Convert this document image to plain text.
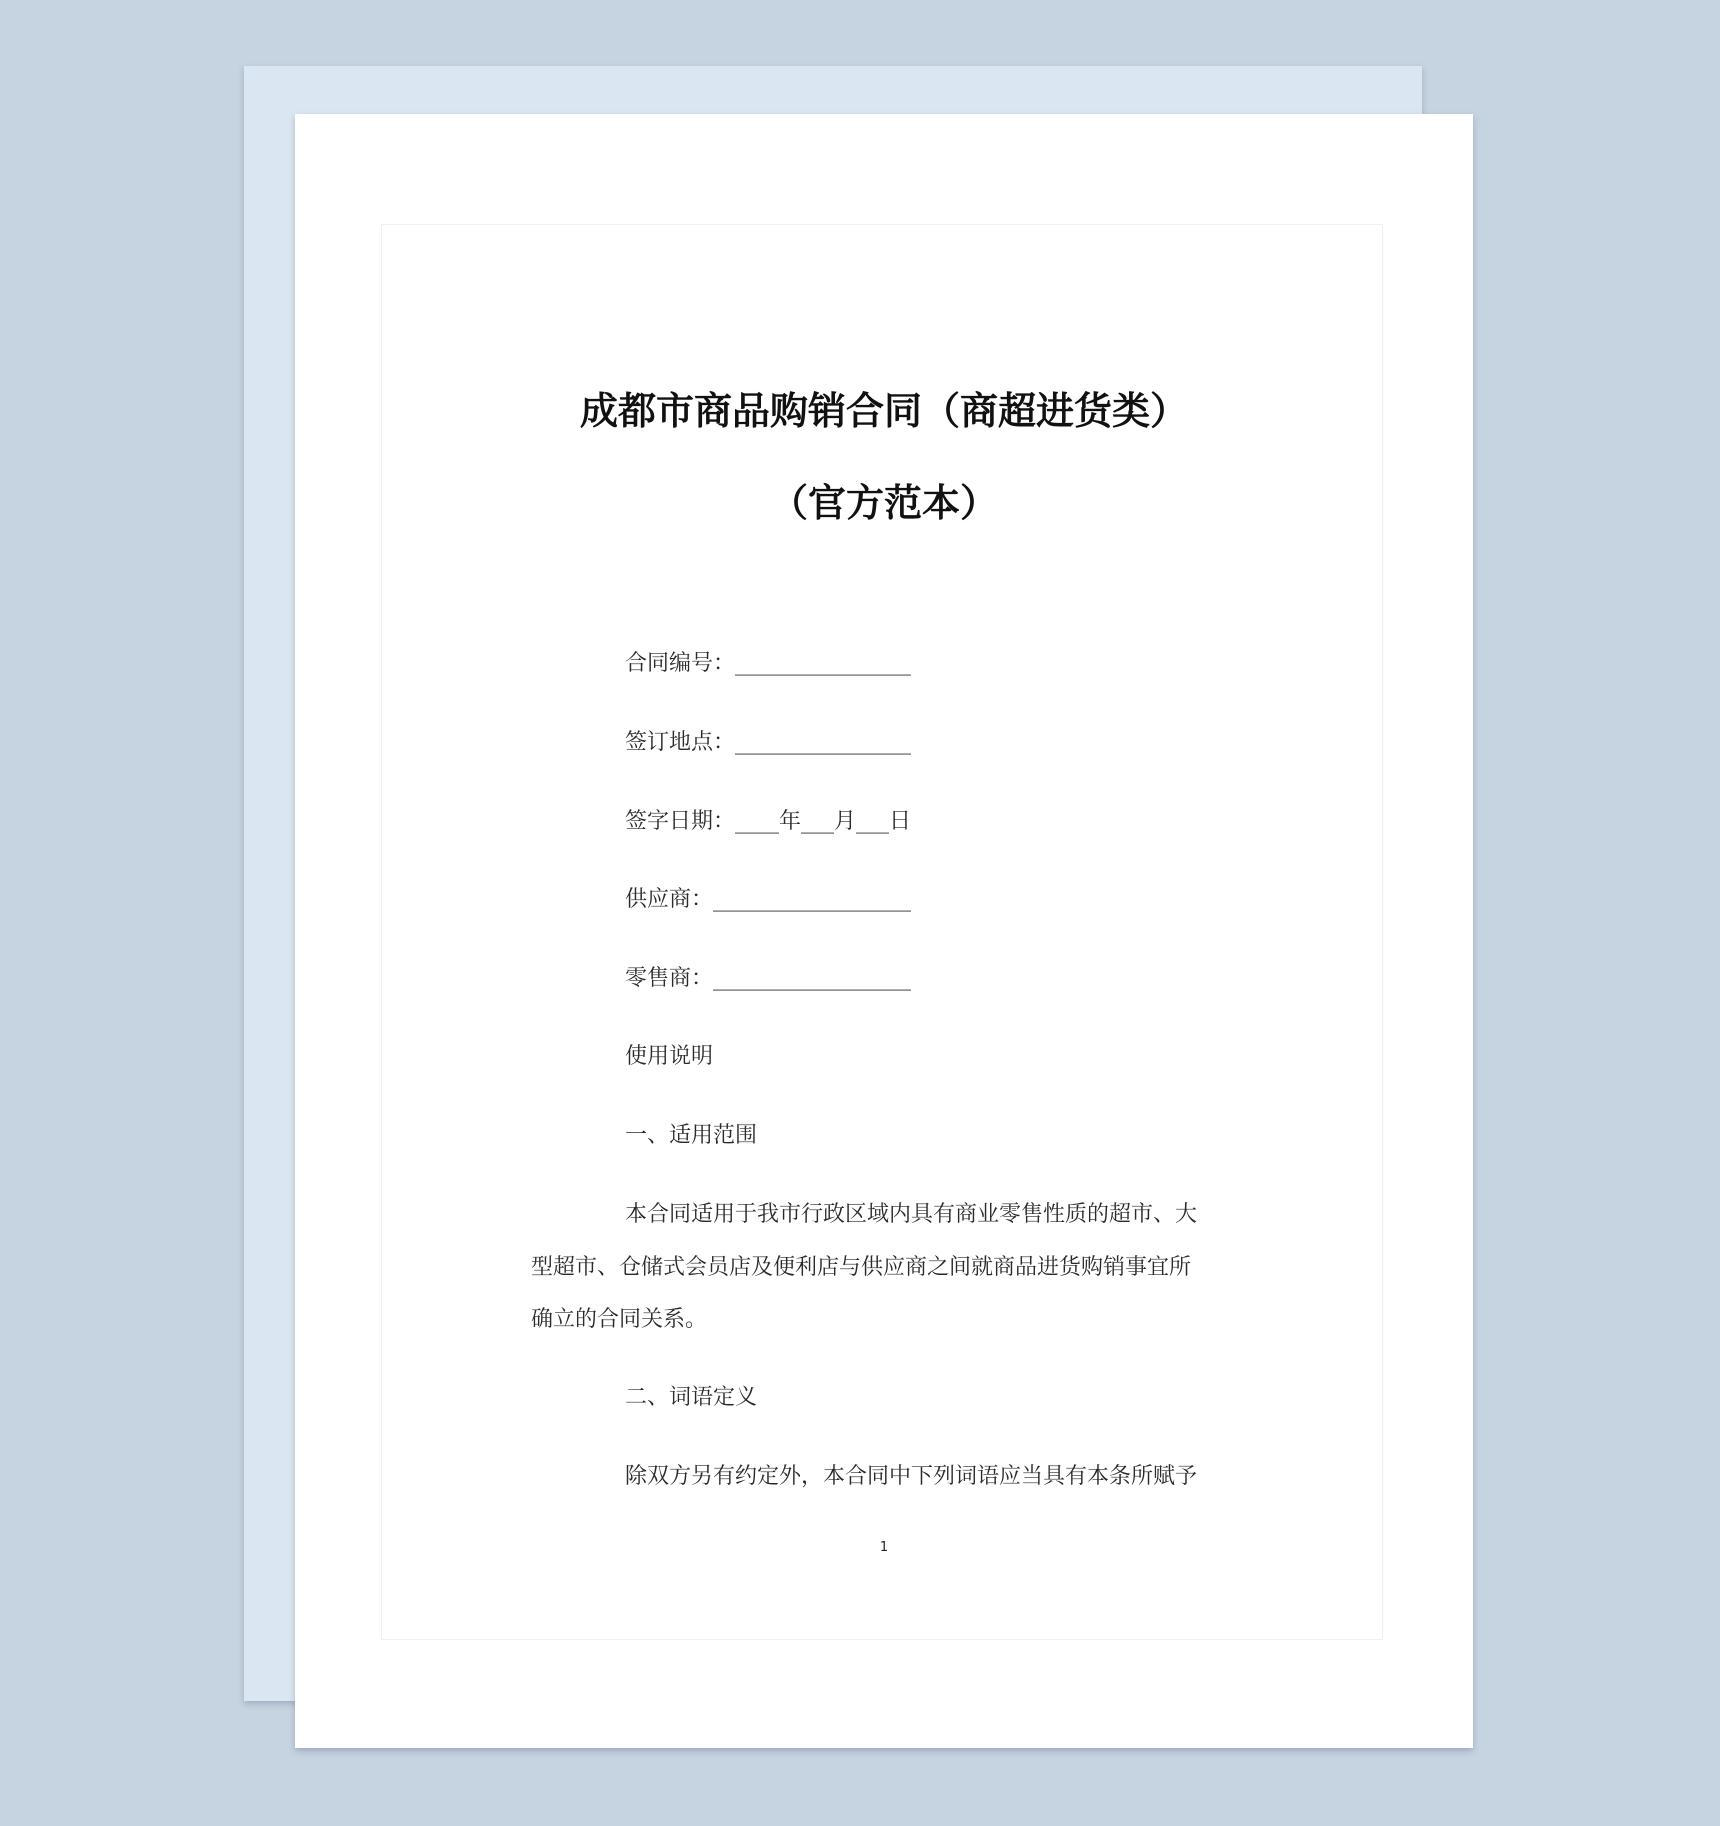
成都市商品购销合同（商超进货类）
（官方范本）
合同编号：________________
签订地点：________________
签字日期：____年___月___日
供应商：__________________
零售商：__________________
使用说明
一、适用范围
本合同适用于我市行政区域内具有商业零售性质的超市、大
型超市、仓储式会员店及便利店与供应商之间就商品进货购销事宜所
确立的合同关系。
二、词语定义
除双方另有约定外，本合同中下列词语应当具有本条所赋予
1
